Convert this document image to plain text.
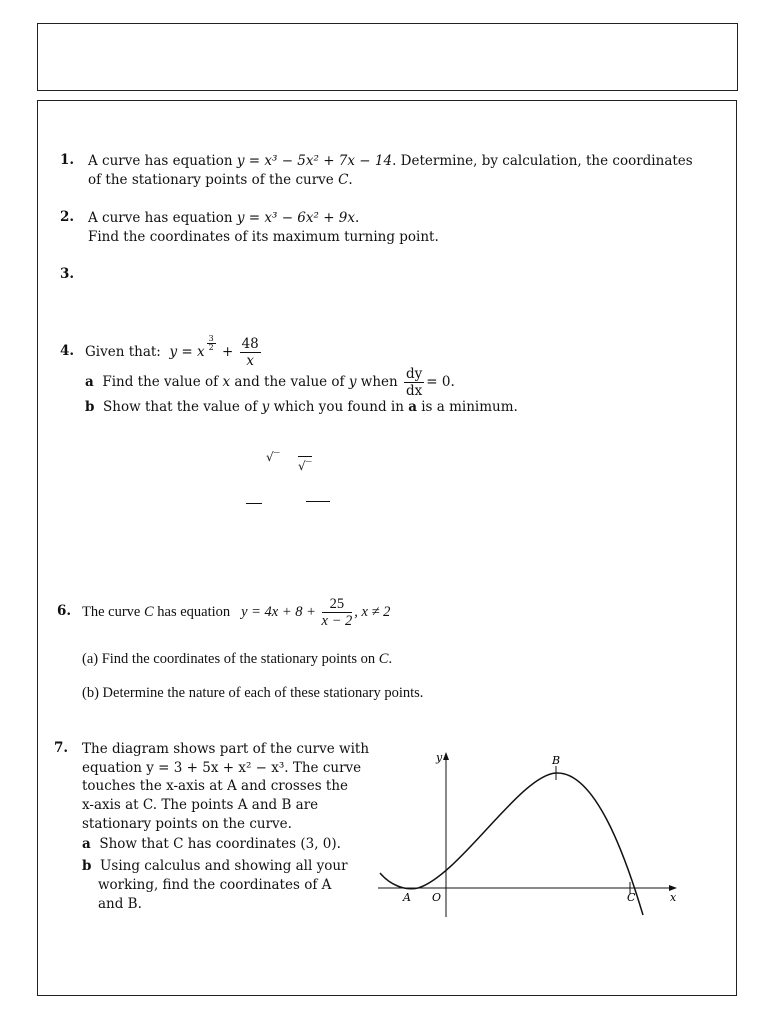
1. A curve has equation y = x³ − 5x² + 7x − 14. Determine, by calculation, the coordinates
of the stationary points of the curve C.
2. A curve has equation y = x³ − 6x² + 9x.
Find the coordinates of its maximum turning point.
3.
4. Given that: y = x $\frac{3}{2} + \frac{48}{x}$
a Find the value of x and the value of y when $\frac{dy}{dx} = 0$.
b Show that the value of y which you found in a is a minimum.
√‾
√‾
6. The curve C has equation   $y = 4x + 8 + \frac{25}{x - 2}$ , x ≠ 2
(a) Find the coordinates of the stationary points on C.
(b) Determine the nature of each of these stationary points.
7. The diagram shows part of the curve with
equation y = 3 + 5x + x² − x³. The curve
touches the x-axis at A and crosses the
x-axis at C. The points A and B are
stationary points on the curve.
a Show that C has coordinates (3, 0).
b Using calculus and showing all your
working, find the coordinates of A
and B.
y
x
B
A O	C
